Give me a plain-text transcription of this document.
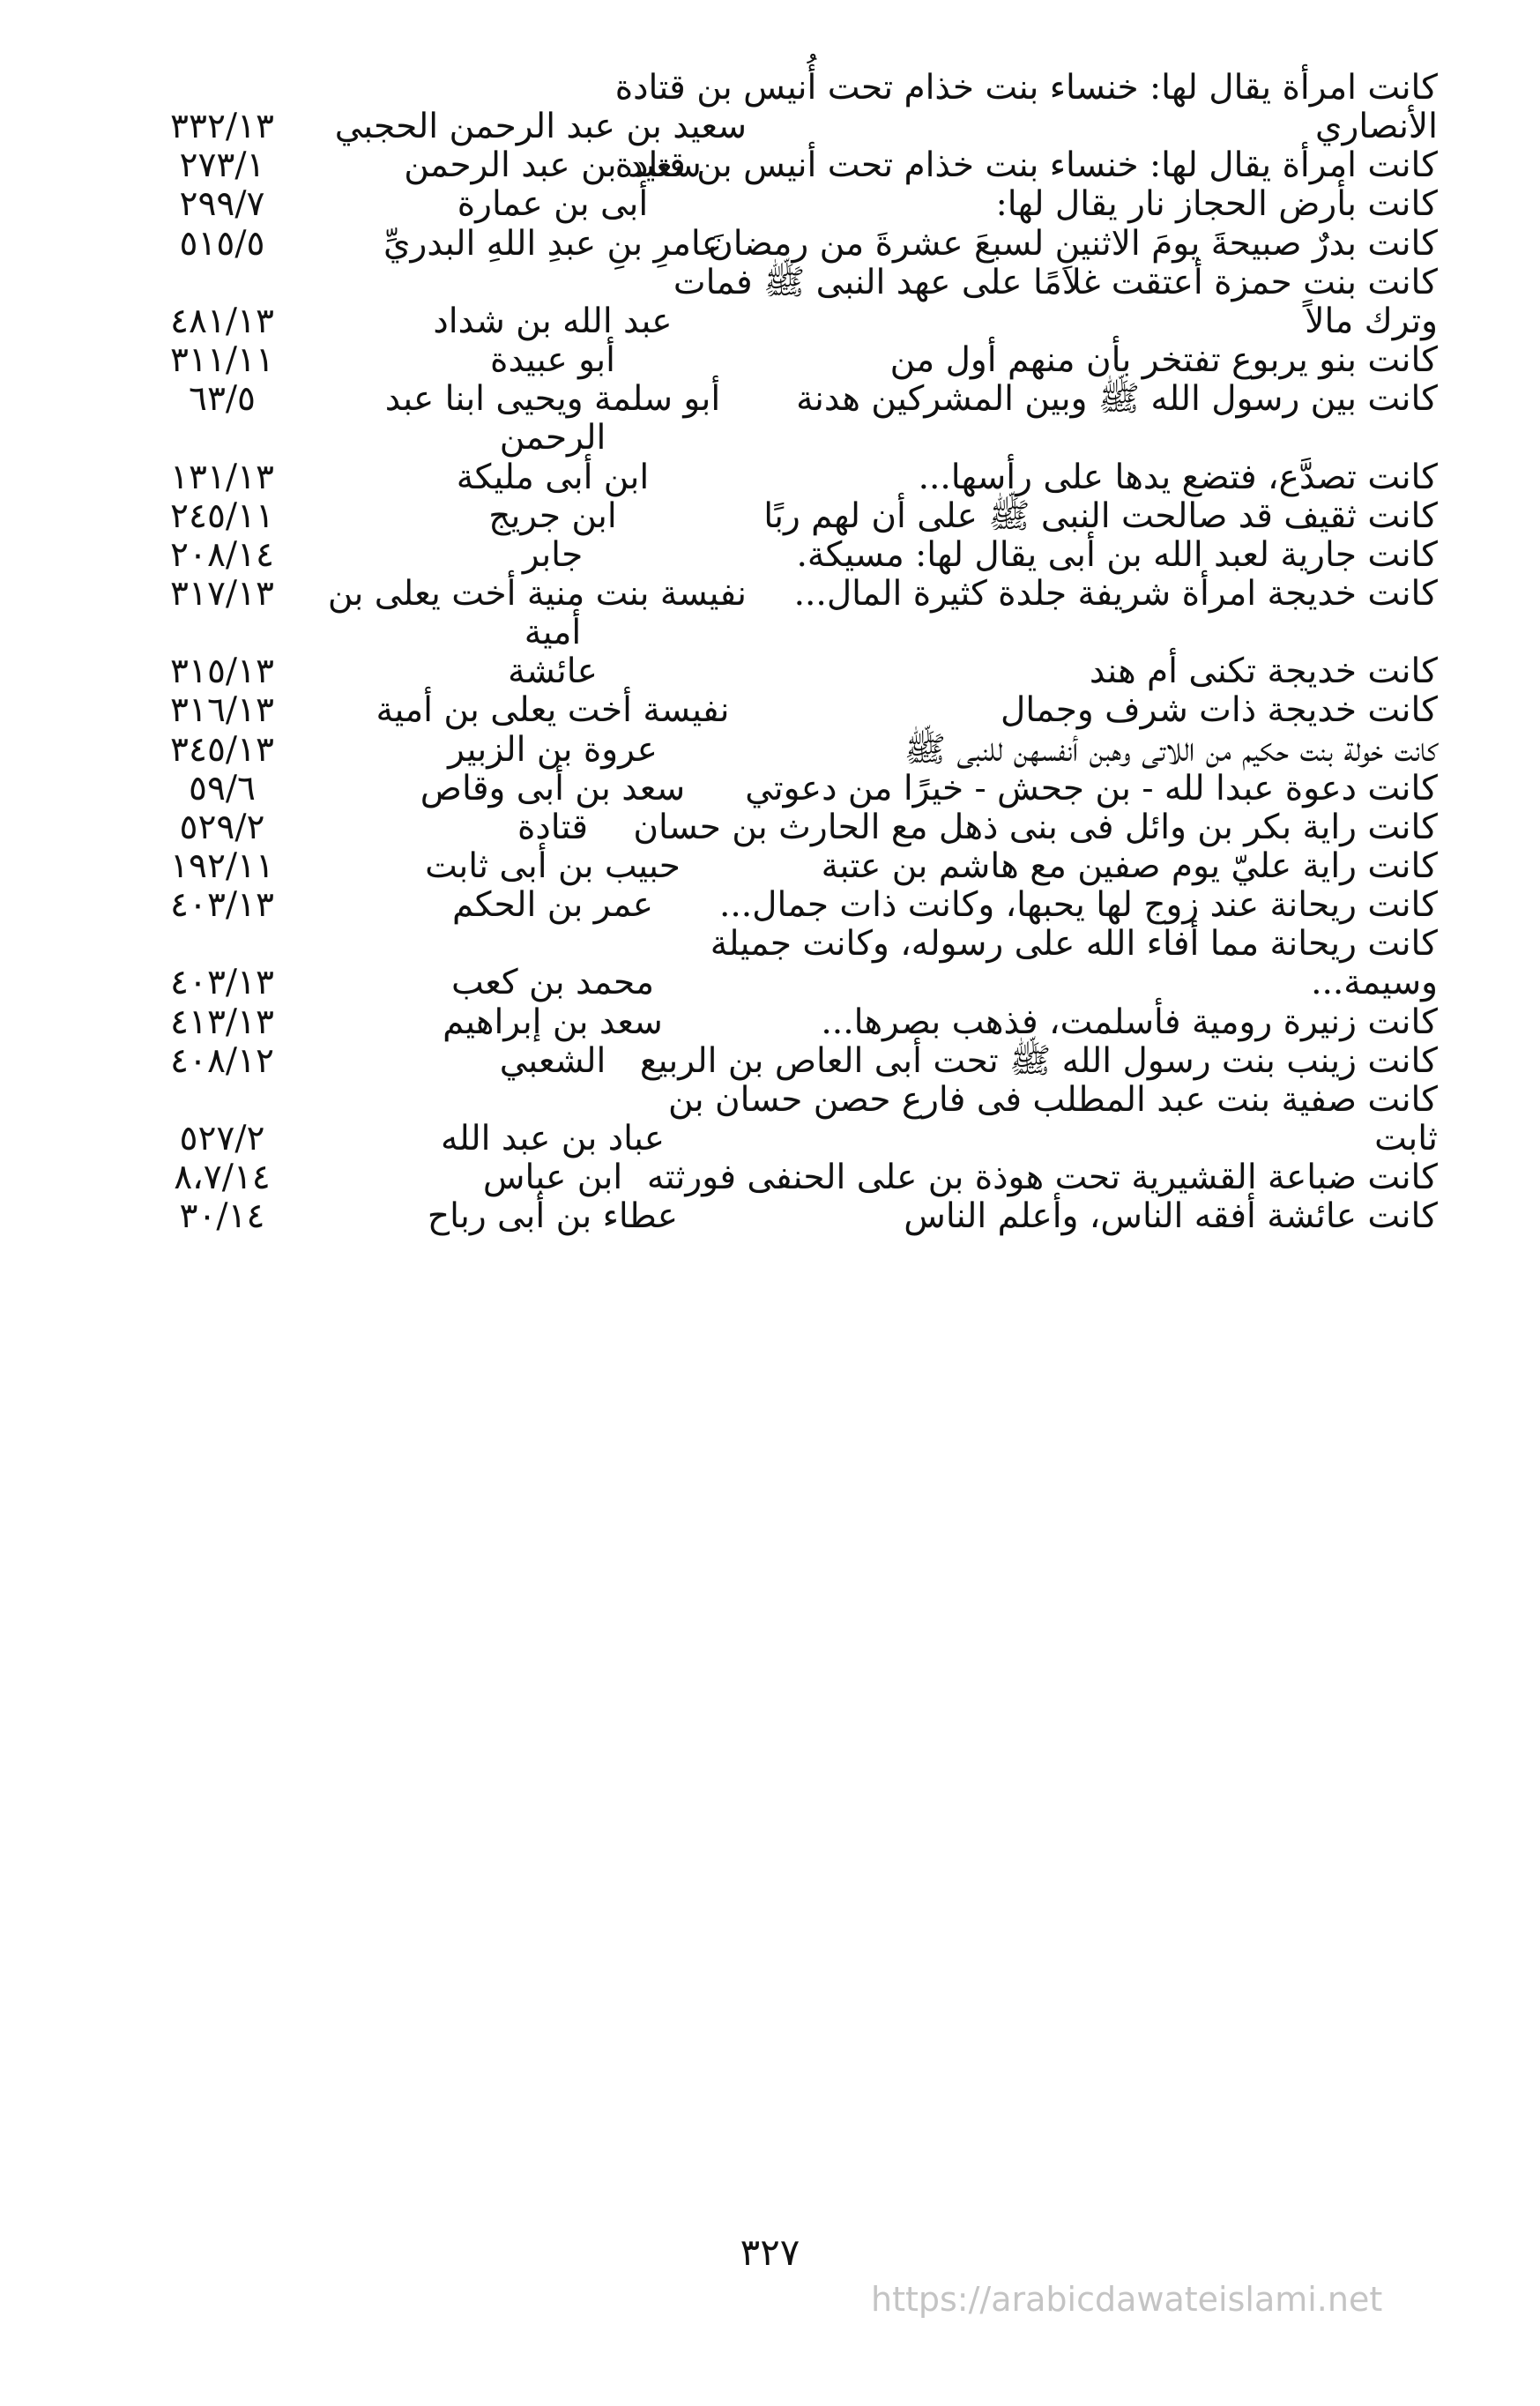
كانت امرأة يقال لها: خنساء بنت خذام تحت أُنيس بن قتادة
الأنصاري
سعيد بن عبد الرحمن الحجبي
٣٣٢/١٣
كانت امرأة يقال لها: خنساء بنت خذام تحت أنيس بن قتادة
سعيد بن عبد الرحمن
٢٧٣/١
كانت بأرض الحجاز نار يقال لها:
أبى بن عمارة
٢٩٩/٧
كانت بدرٌ صبيحةَ يومَ الاثنينِ لسبعَ عشرةَ من رمضانَ
عامرِ بنِ عبدِ اللهِ البدريِّ
٥١٥/٥
كانت بنت حمزة أعتقت غلامًا على عهد النبى ﷺ فمات
وترك مالاً
عبد الله بن شداد
٤٨١/١٣
كانت بنو يربوع تفتخر بأن منهم أول من
أبو عبيدة
٣١١/١١
كانت بين رسول الله ﷺ وبين المشركين هدنة
أبو سلمة ويحيى ابنا عبد
٦٣/٥
الرحمن
كانت تصدَّع، فتضع يدها على رأسها...
ابن أبى مليكة
١٣١/١٣
كانت ثقيف قد صالحت النبى ﷺ على أن لهم ربًا
ابن جريج
٢٤٥/١١
كانت جارية لعبد الله بن أبى يقال لها: مسيكة.
جابر
٢٠٨/١٤
كانت خديجة امرأة شريفة جلدة كثيرة المال...
نفيسة بنت منية أخت يعلى بن
٣١٧/١٣
أمية
كانت خديجة تكنى أم هند
عائشة
٣١٥/١٣
كانت خديجة ذات شرف وجمال
نفيسة أخت يعلى بن أمية
٣١٦/١٣
كانت خولة بنت حكيم من اللاتى وهبن أنفسهن للنبى ﷺ
عروة بن الزبير
٣٤٥/١٣
كانت دعوة عبدا لله - بن جحش - خيرًا من دعوتي
سعد بن أبى وقاص
٥٩/٦
كانت راية بكر بن وائل فى بنى ذهل مع الحارث بن حسان
قتادة
٥٢٩/٢
كانت راية عليّ يوم صفين مع هاشم بن عتبة
حبيب بن أبى ثابت
١٩٢/١١
كانت ريحانة عند زوج لها يحبها، وكانت ذات جمال...
عمر بن الحكم
٤٠٣/١٣
كانت ريحانة مما أفاء الله على رسوله، وكانت جميلة
وسيمة...
محمد بن كعب
٤٠٣/١٣
كانت زنيرة رومية فأسلمت، فذهب بصرها...
سعد بن إبراهيم
٤١٣/١٣
كانت زينب بنت رسول الله ﷺ تحت أبى العاص بن الربيع
الشعبي
٤٠٨/١٢
كانت صفية بنت عبد المطلب فى فارع حصن حسان بن
ثابت
عباد بن عبد الله
٥٢٧/٢
كانت ضباعة القشيرية تحت هوذة بن على الحنفى فورثته
ابن عباس
٨،٧/١٤
كانت عائشة أفقه الناس، وأعلم الناس
عطاء بن أبى رباح
٣٠/١٤
٣٢٧
https://arabicdawateislami.net
